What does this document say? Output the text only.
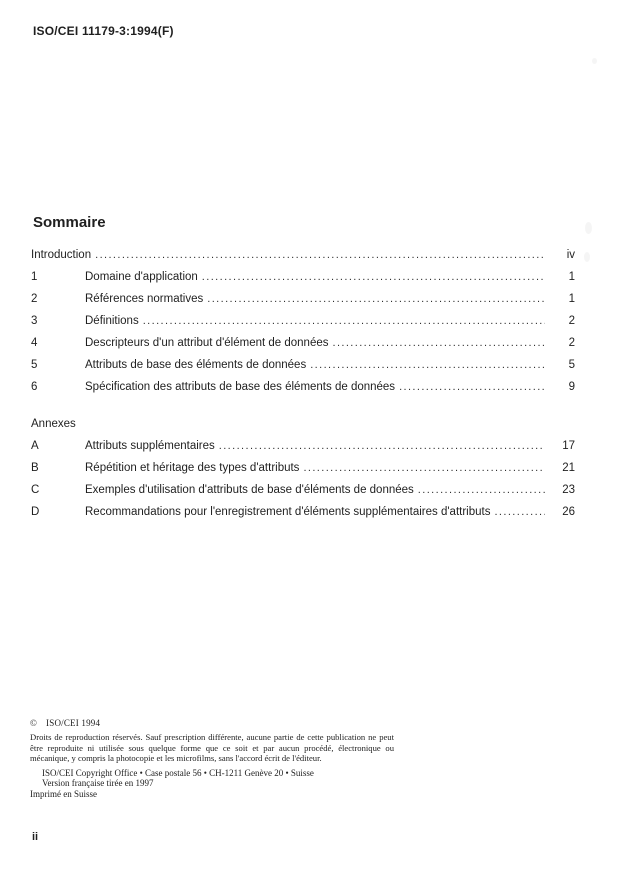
ISO/CEI 11179-3:1994(F)
Sommaire
Introduction .....	iv
1	Domaine d'application .....	1
2	Références normatives .....	1
3	Définitions .....	2
4	Descripteurs d'un attribut d'élément de données .....	2
5	Attributs de base des éléments de données .....	5
6	Spécification des attributs de base des éléments de données .....	9
Annexes
A	Attributs supplémentaires .....	17
B	Répétition et héritage des types d'attributs .....	21
C	Exemples d'utilisation d'attributs de base d'éléments de données .....	23
D	Recommandations pour l'enregistrement d'éléments supplémentaires d'attributs .....	26
© ISO/CEI 1994
Droits de reproduction réservés. Sauf prescription différente, aucune partie de cette publication ne peut être reproduite ni utilisée sous quelque forme que ce soit et par aucun procédé, électronique ou mécanique, y compris la photocopie et les microfilms, sans l'accord écrit de l'éditeur.
ISO/CEI Copyright Office • Case postale 56 • CH-1211 Genève 20 • Suisse
Version française tirée en 1997
Imprimé en Suisse
ii
